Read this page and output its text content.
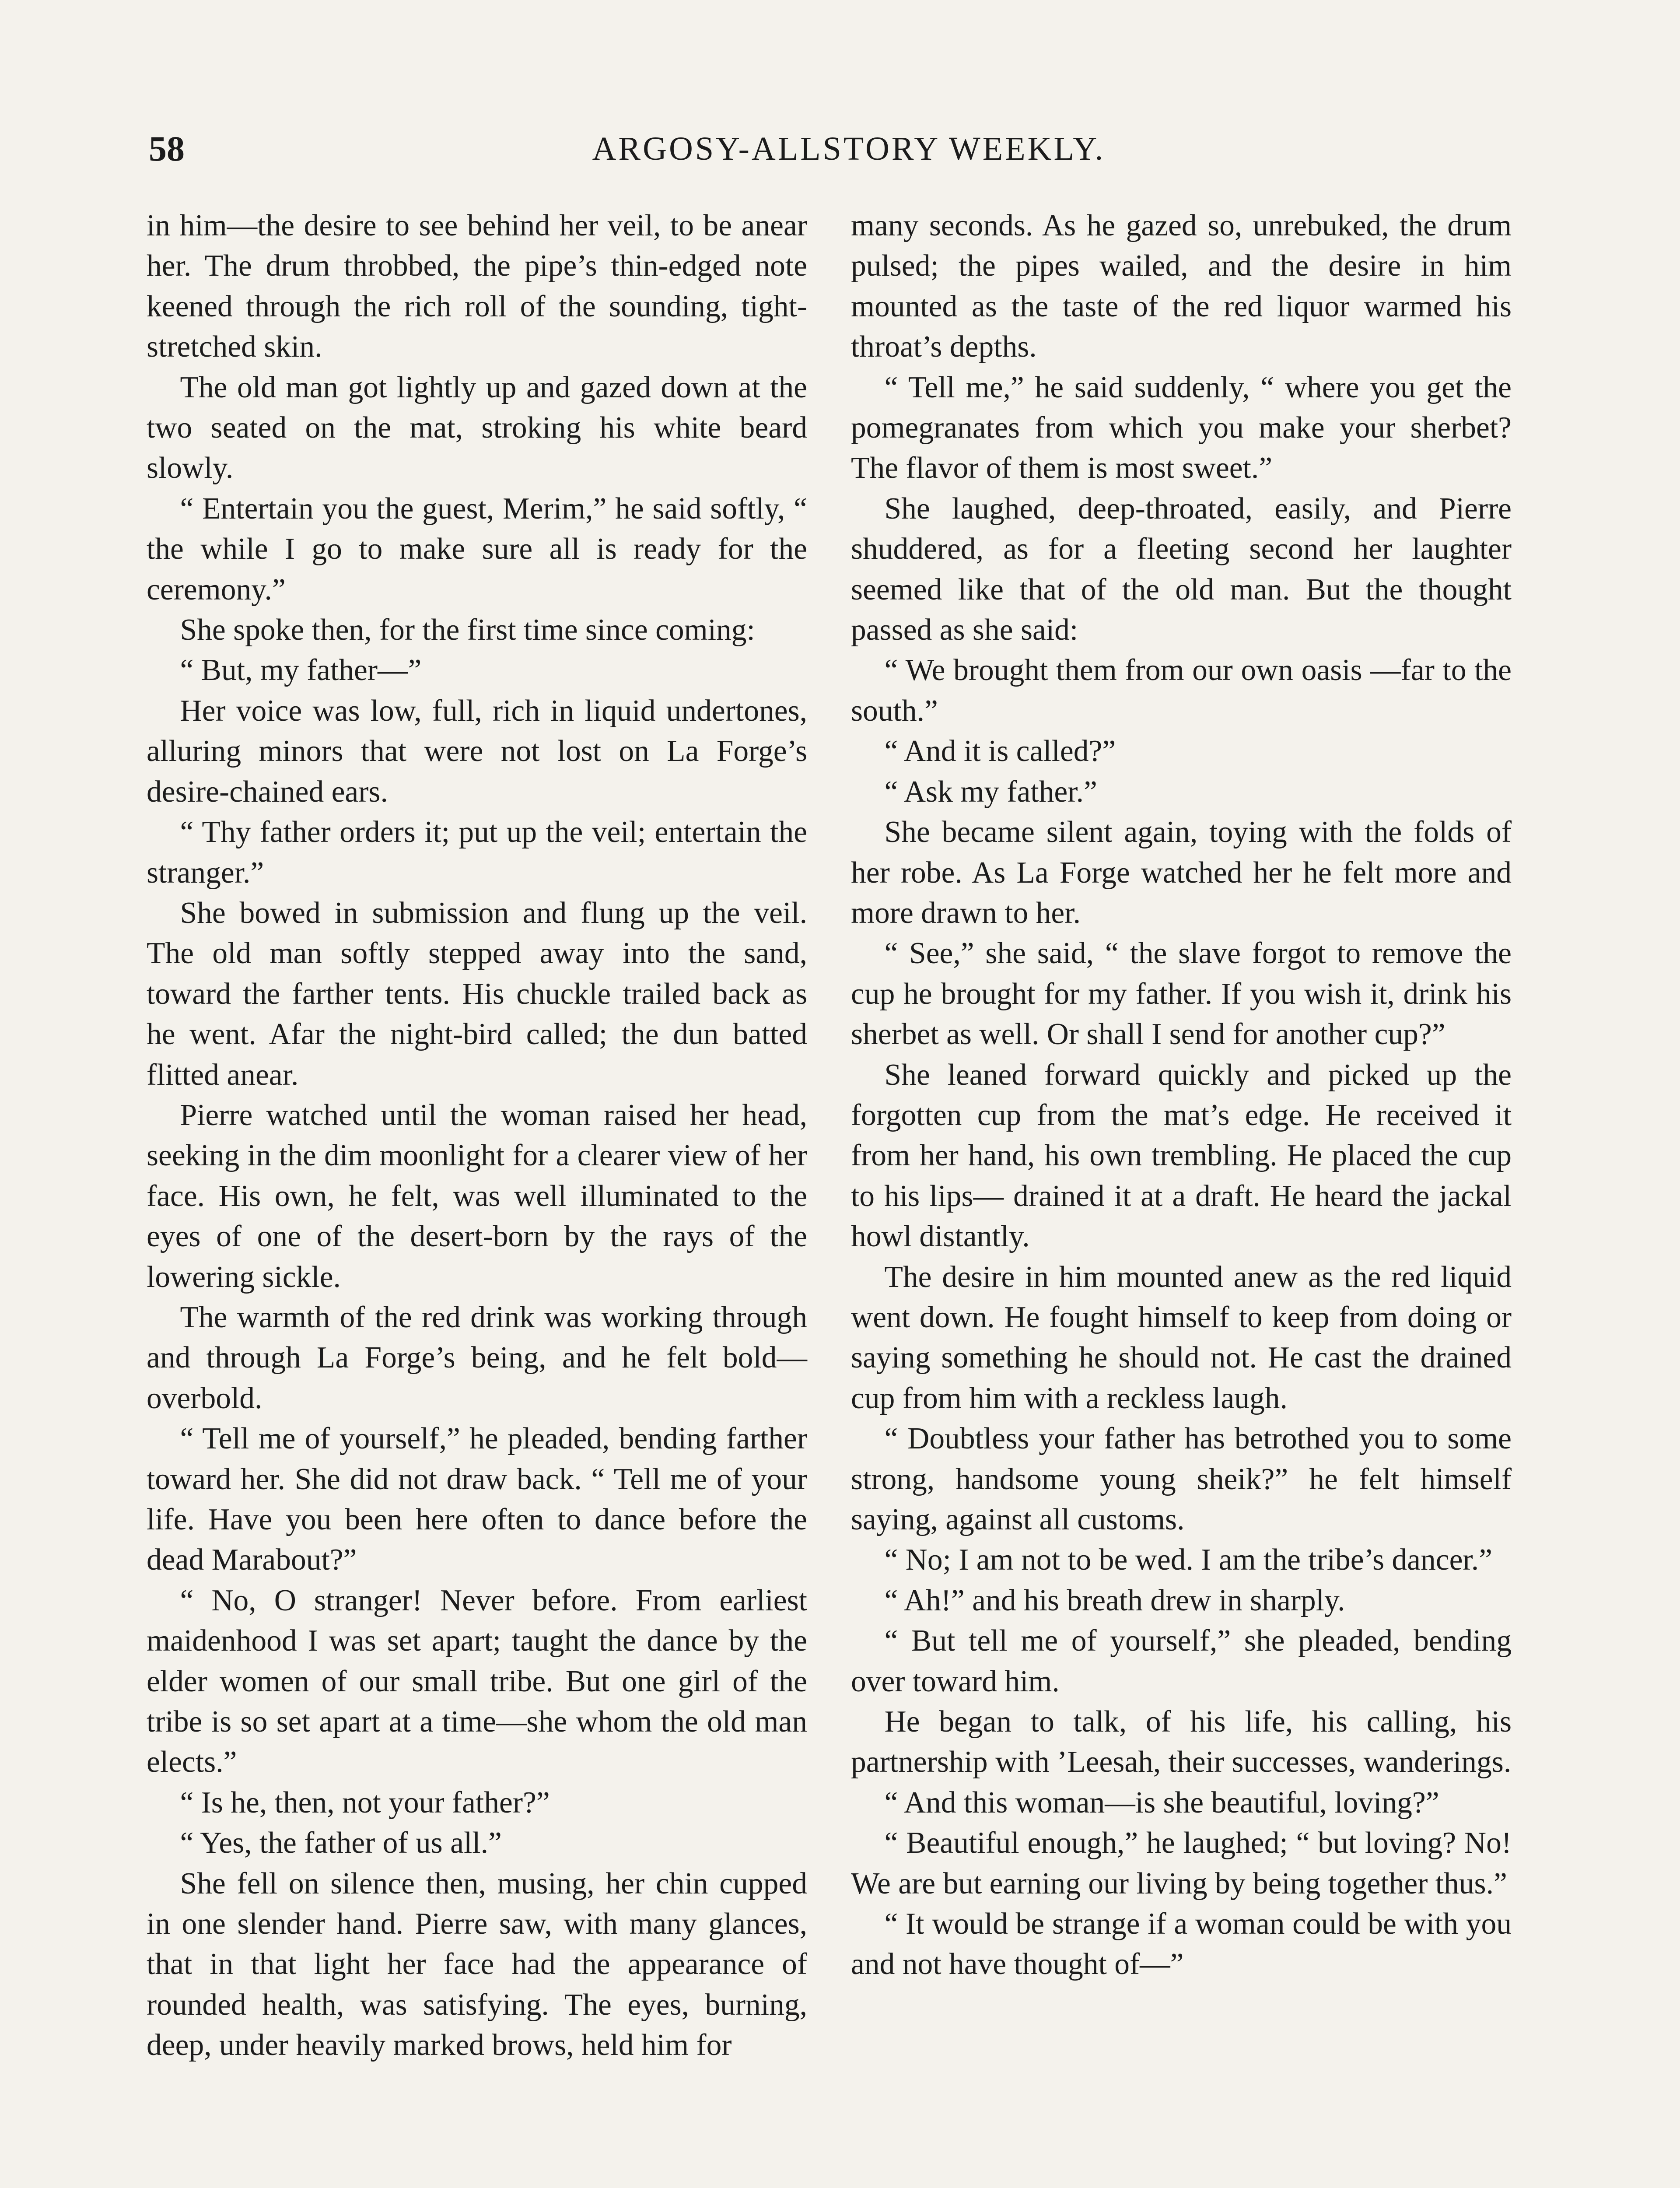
58	ARGOSY-ALLSTORY WEEKLY.

in him—the desire to see behind her veil, to be anear her. The drum throbbed, the pipe’s thin-edged note keened through the rich roll of the sounding, tight-stretched skin.

The old man got lightly up and gazed down at the two seated on the mat, stroking his white beard slowly.

“ Entertain you the guest, Merim,” he said softly, “ the while I go to make sure all is ready for the ceremony.”

She spoke then, for the first time since coming:

“ But, my father—”

Her voice was low, full, rich in liquid undertones, alluring minors that were not lost on La Forge’s desire-chained ears.

“ Thy father orders it; put up the veil; entertain the stranger.”

She bowed in submission and flung up the veil. The old man softly stepped away into the sand, toward the farther tents. His chuckle trailed back as he went. Afar the night-bird called; the dun batted flitted anear.

Pierre watched until the woman raised her head, seeking in the dim moonlight for a clearer view of her face. His own, he felt, was well illuminated to the eyes of one of the desert-born by the rays of the lowering sickle.

The warmth of the red drink was working through and through La Forge’s being, and he felt bold—overbold.

“ Tell me of yourself,” he pleaded, bending farther toward her. She did not draw back. “ Tell me of your life. Have you been here often to dance before the dead Marabout?”

“ No, O stranger! Never before. From earliest maidenhood I was set apart; taught the dance by the elder women of our small tribe. But one girl of the tribe is so set apart at a time—she whom the old man elects.”

“ Is he, then, not your father?”

“ Yes, the father of us all.”

She fell on silence then, musing, her chin cupped in one slender hand. Pierre saw, with many glances, that in that light her face had the appearance of rounded health, was satisfying. The eyes, burning, deep, under heavily marked brows, held him for

many seconds. As he gazed so, unrebuked, the drum pulsed; the pipes wailed, and the desire in him mounted as the taste of the red liquor warmed his throat’s depths.

“ Tell me,” he said suddenly, “ where you get the pomegranates from which you make your sherbet? The flavor of them is most sweet.”

She laughed, deep-throated, easily, and Pierre shuddered, as for a fleeting second her laughter seemed like that of the old man. But the thought passed as she said:

“ We brought them from our own oasis —far to the south.”

“ And it is called?”

“ Ask my father.”

She became silent again, toying with the folds of her robe. As La Forge watched her he felt more and more drawn to her.

“ See,” she said, “ the slave forgot to remove the cup he brought for my father. If you wish it, drink his sherbet as well. Or shall I send for another cup?”

She leaned forward quickly and picked up the forgotten cup from the mat’s edge. He received it from her hand, his own trembling. He placed the cup to his lips— drained it at a draft. He heard the jackal howl distantly.

The desire in him mounted anew as the red liquid went down. He fought himself to keep from doing or saying something he should not. He cast the drained cup from him with a reckless laugh.

“ Doubtless your father has betrothed you to some strong, handsome young sheik?” he felt himself saying, against all customs.

“ No; I am not to be wed. I am the tribe’s dancer.”

“ Ah!” and his breath drew in sharply.

“ But tell me of yourself,” she pleaded, bending over toward him.

He began to talk, of his life, his calling, his partnership with ’Leesah, their successes, wanderings.

“ And this woman—is she beautiful, loving?”

“ Beautiful enough,” he laughed; “ but loving? No! We are but earning our living by being together thus.”

“ It would be strange if a woman could be with you and not have thought of—”
